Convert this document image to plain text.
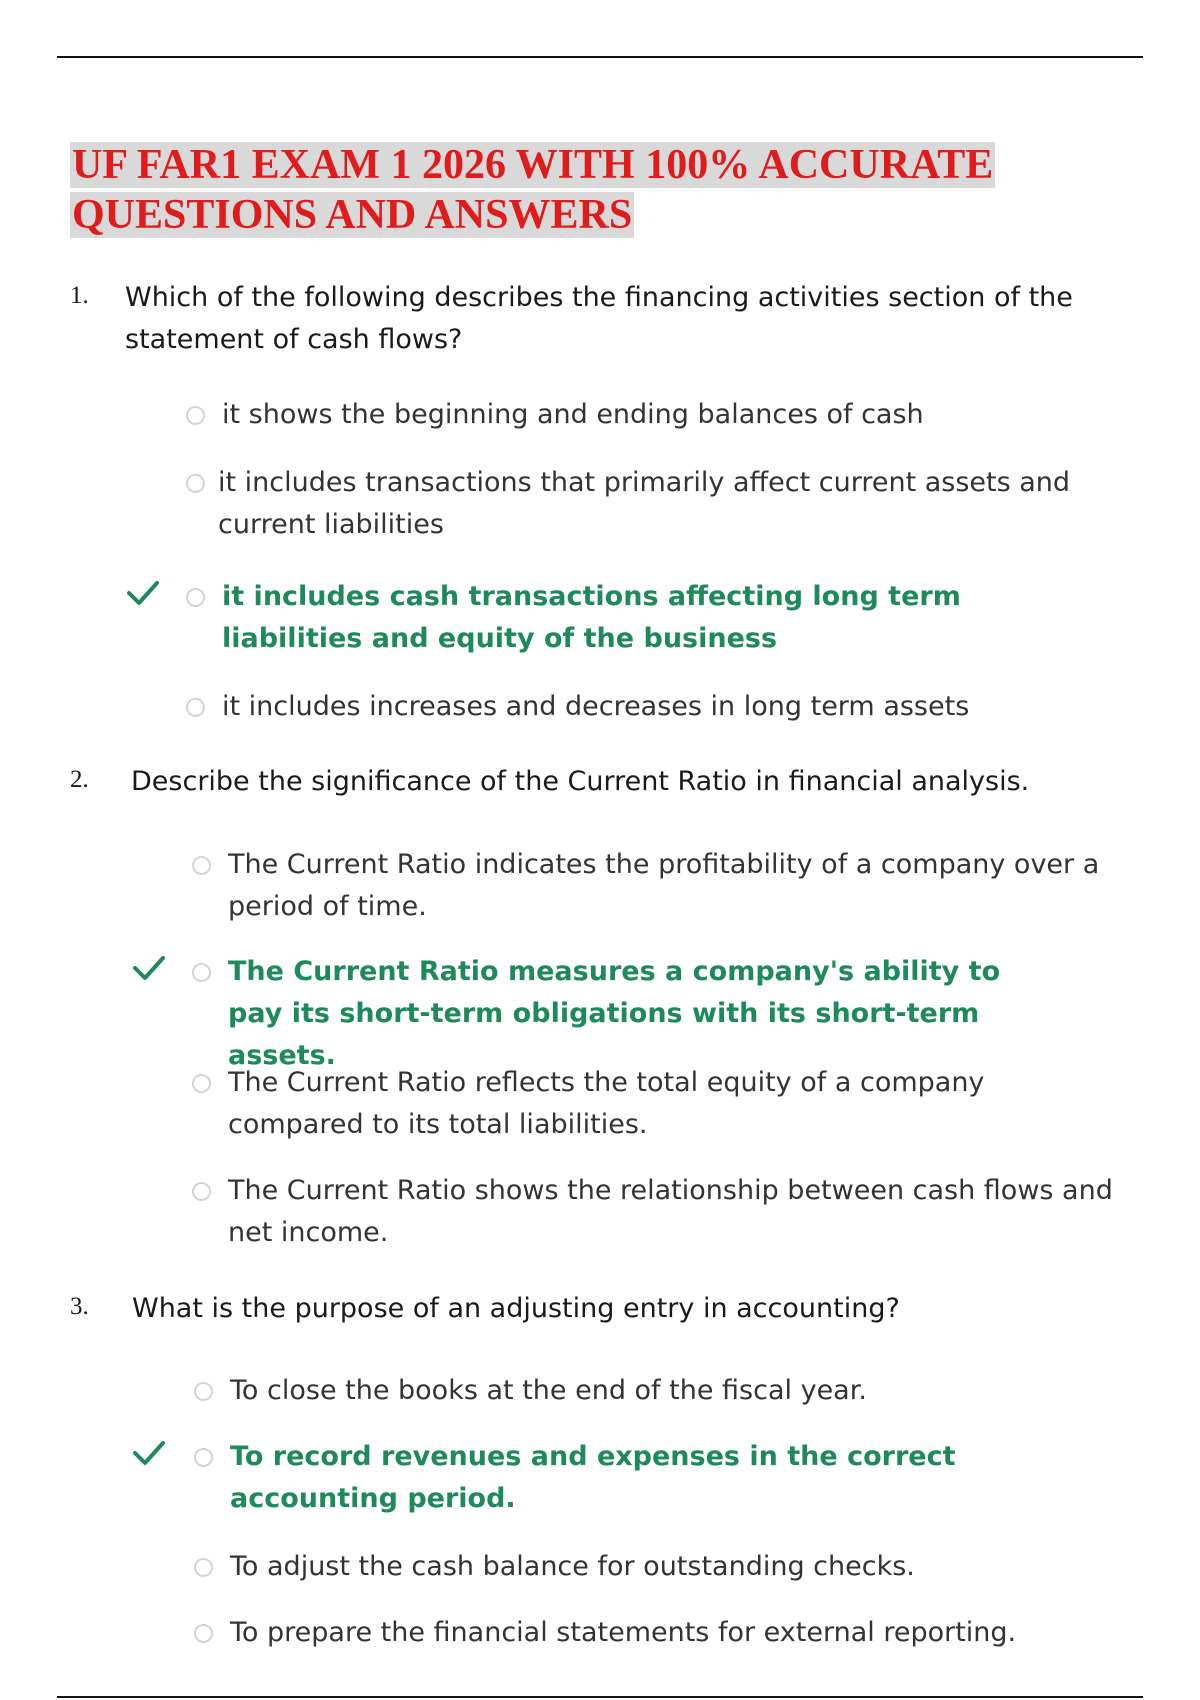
UF FAR1 EXAM 1 2026 WITH 100% ACCURATE
QUESTIONS AND ANSWERS
1. Which of the following describes the financing activities section of the statement of cash flows?

it shows the beginning and ending balances of cash
it includes transactions that primarily affect current assets and current liabilities
it includes cash transactions affecting long term liabilities and equity of the business
it includes increases and decreases in long term assets
2. Describe the significance of the Current Ratio in financial analysis.

The Current Ratio indicates the profitability of a company over a period of time.
The Current Ratio measures a company's ability to pay its short-term obligations with its short-term assets.
The Current Ratio reflects the total equity of a company compared to its total liabilities.
The Current Ratio shows the relationship between cash flows and net income.
3. What is the purpose of an adjusting entry in accounting?

To close the books at the end of the fiscal year.
To record revenues and expenses in the correct accounting period.
To adjust the cash balance for outstanding checks.
To prepare the financial statements for external reporting.
